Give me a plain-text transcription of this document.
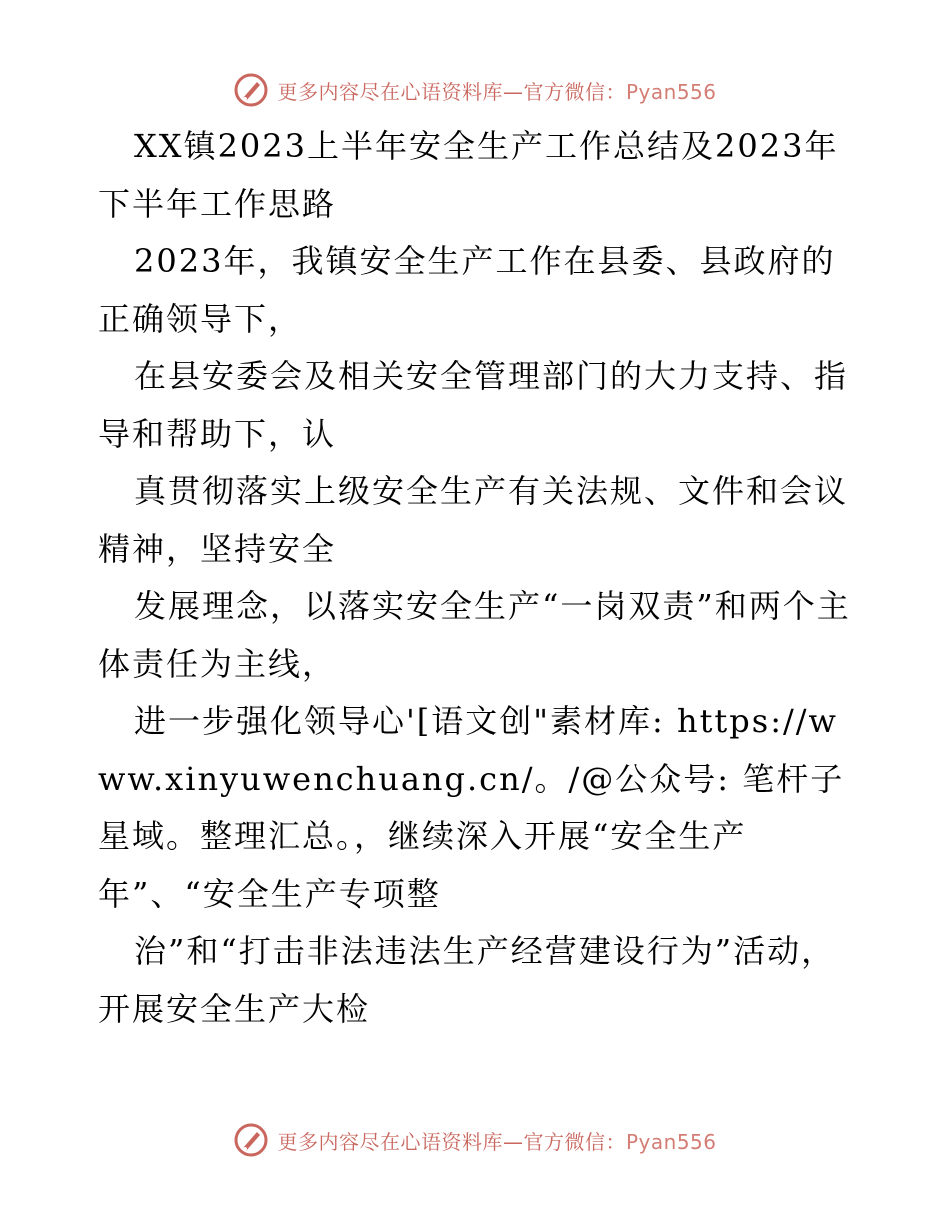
更多内容尽在心语资料库—官方微信：Pyan556
XX镇2023上半年安全生产工作总结及2023年下半年工作思路
2023年，我镇安全生产工作在县委、县政府的正确领导下，
在县安委会及相关安全管理部门的大力支持、指导和帮助下，认
真贯彻落实上级安全生产有关法规、文件和会议精神，坚持安全
发展理念，以落实安全生产“一岗双责”和两个主体责任为主线，
进一步强化领导心'[语文创"素材库: https://www.xinyuwenchuang.cn/。/@公众号: 笔杆子星域。整理汇总。，继续深入开展“安全生产年”、“安全生产专项整
治”和“打击非法违法生产经营建设行为”活动，开展安全生产大检
更多内容尽在心语资料库—官方微信：Pyan556
